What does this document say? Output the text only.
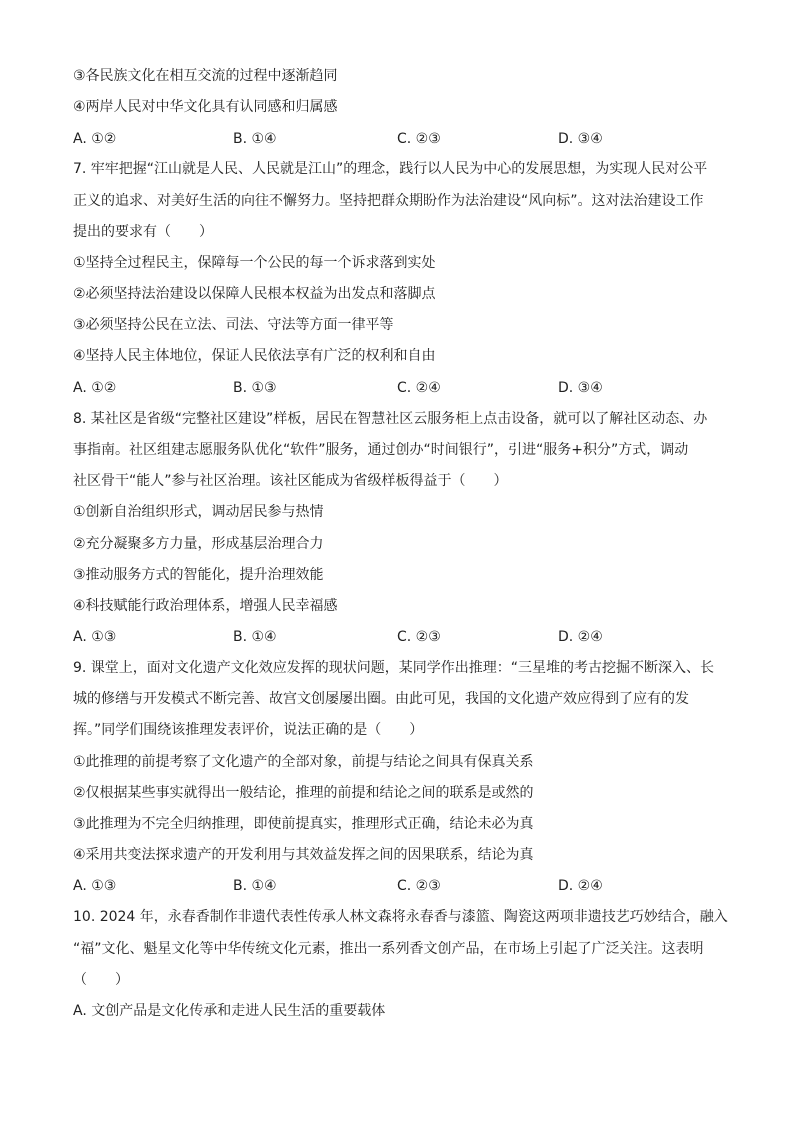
③各民族文化在相互交流的过程中逐渐趋同
④两岸人民对中华文化具有认同感和归属感
A. ①②	B. ①④	C. ②③	D. ③④
7. 牢牢把握“江山就是人民、人民就是江山”的理念，践行以人民为中心的发展思想，为实现人民对公平
正义的追求、对美好生活的向往不懈努力。坚持把群众期盼作为法治建设“风向标”。这对法治建设工作
提出的要求有（　　）
①坚持全过程民主，保障每一个公民的每一个诉求落到实处
②必须坚持法治建设以保障人民根本权益为出发点和落脚点
③必须坚持公民在立法、司法、守法等方面一律平等
④坚持人民主体地位，保证人民依法享有广泛的权利和自由
A. ①②	B. ①③	C. ②④	D. ③④
8. 某社区是省级“完整社区建设”样板，居民在智慧社区云服务柜上点击设备，就可以了解社区动态、办
事指南。社区组建志愿服务队优化“软件”服务，通过创办“时间银行”，引进“服务+积分”方式，调动
社区骨干“能人”参与社区治理。该社区能成为省级样板得益于（　　）
①创新自治组织形式，调动居民参与热情
②充分凝聚多方力量，形成基层治理合力
③推动服务方式的智能化，提升治理效能
④科技赋能行政治理体系，增强人民幸福感
A. ①③	B. ①④	C. ②③	D. ②④
9. 课堂上，面对文化遗产文化效应发挥的现状问题，某同学作出推理：“三星堆的考古挖掘不断深入、长
城的修缮与开发模式不断完善、故宫文创屡屡出圈。由此可见，我国的文化遗产效应得到了应有的发
挥。”同学们围绕该推理发表评价，说法正确的是（　　）
①此推理的前提考察了文化遗产的全部对象，前提与结论之间具有保真关系
②仅根据某些事实就得出一般结论，推理的前提和结论之间的联系是或然的
③此推理为不完全归纳推理，即使前提真实，推理形式正确，结论未必为真
④采用共变法探求遗产的开发利用与其效益发挥之间的因果联系，结论为真
A. ①③	B. ①④	C. ②③	D. ②④
10. 2024 年，永春香制作非遗代表性传承人林文森将永春香与漆篮、陶瓷这两项非遗技艺巧妙结合，融入
“福”文化、魁星文化等中华传统文化元素，推出一系列香文创产品，在市场上引起了广泛关注。这表明
（　　）
A. 文创产品是文化传承和走进人民生活的重要载体
